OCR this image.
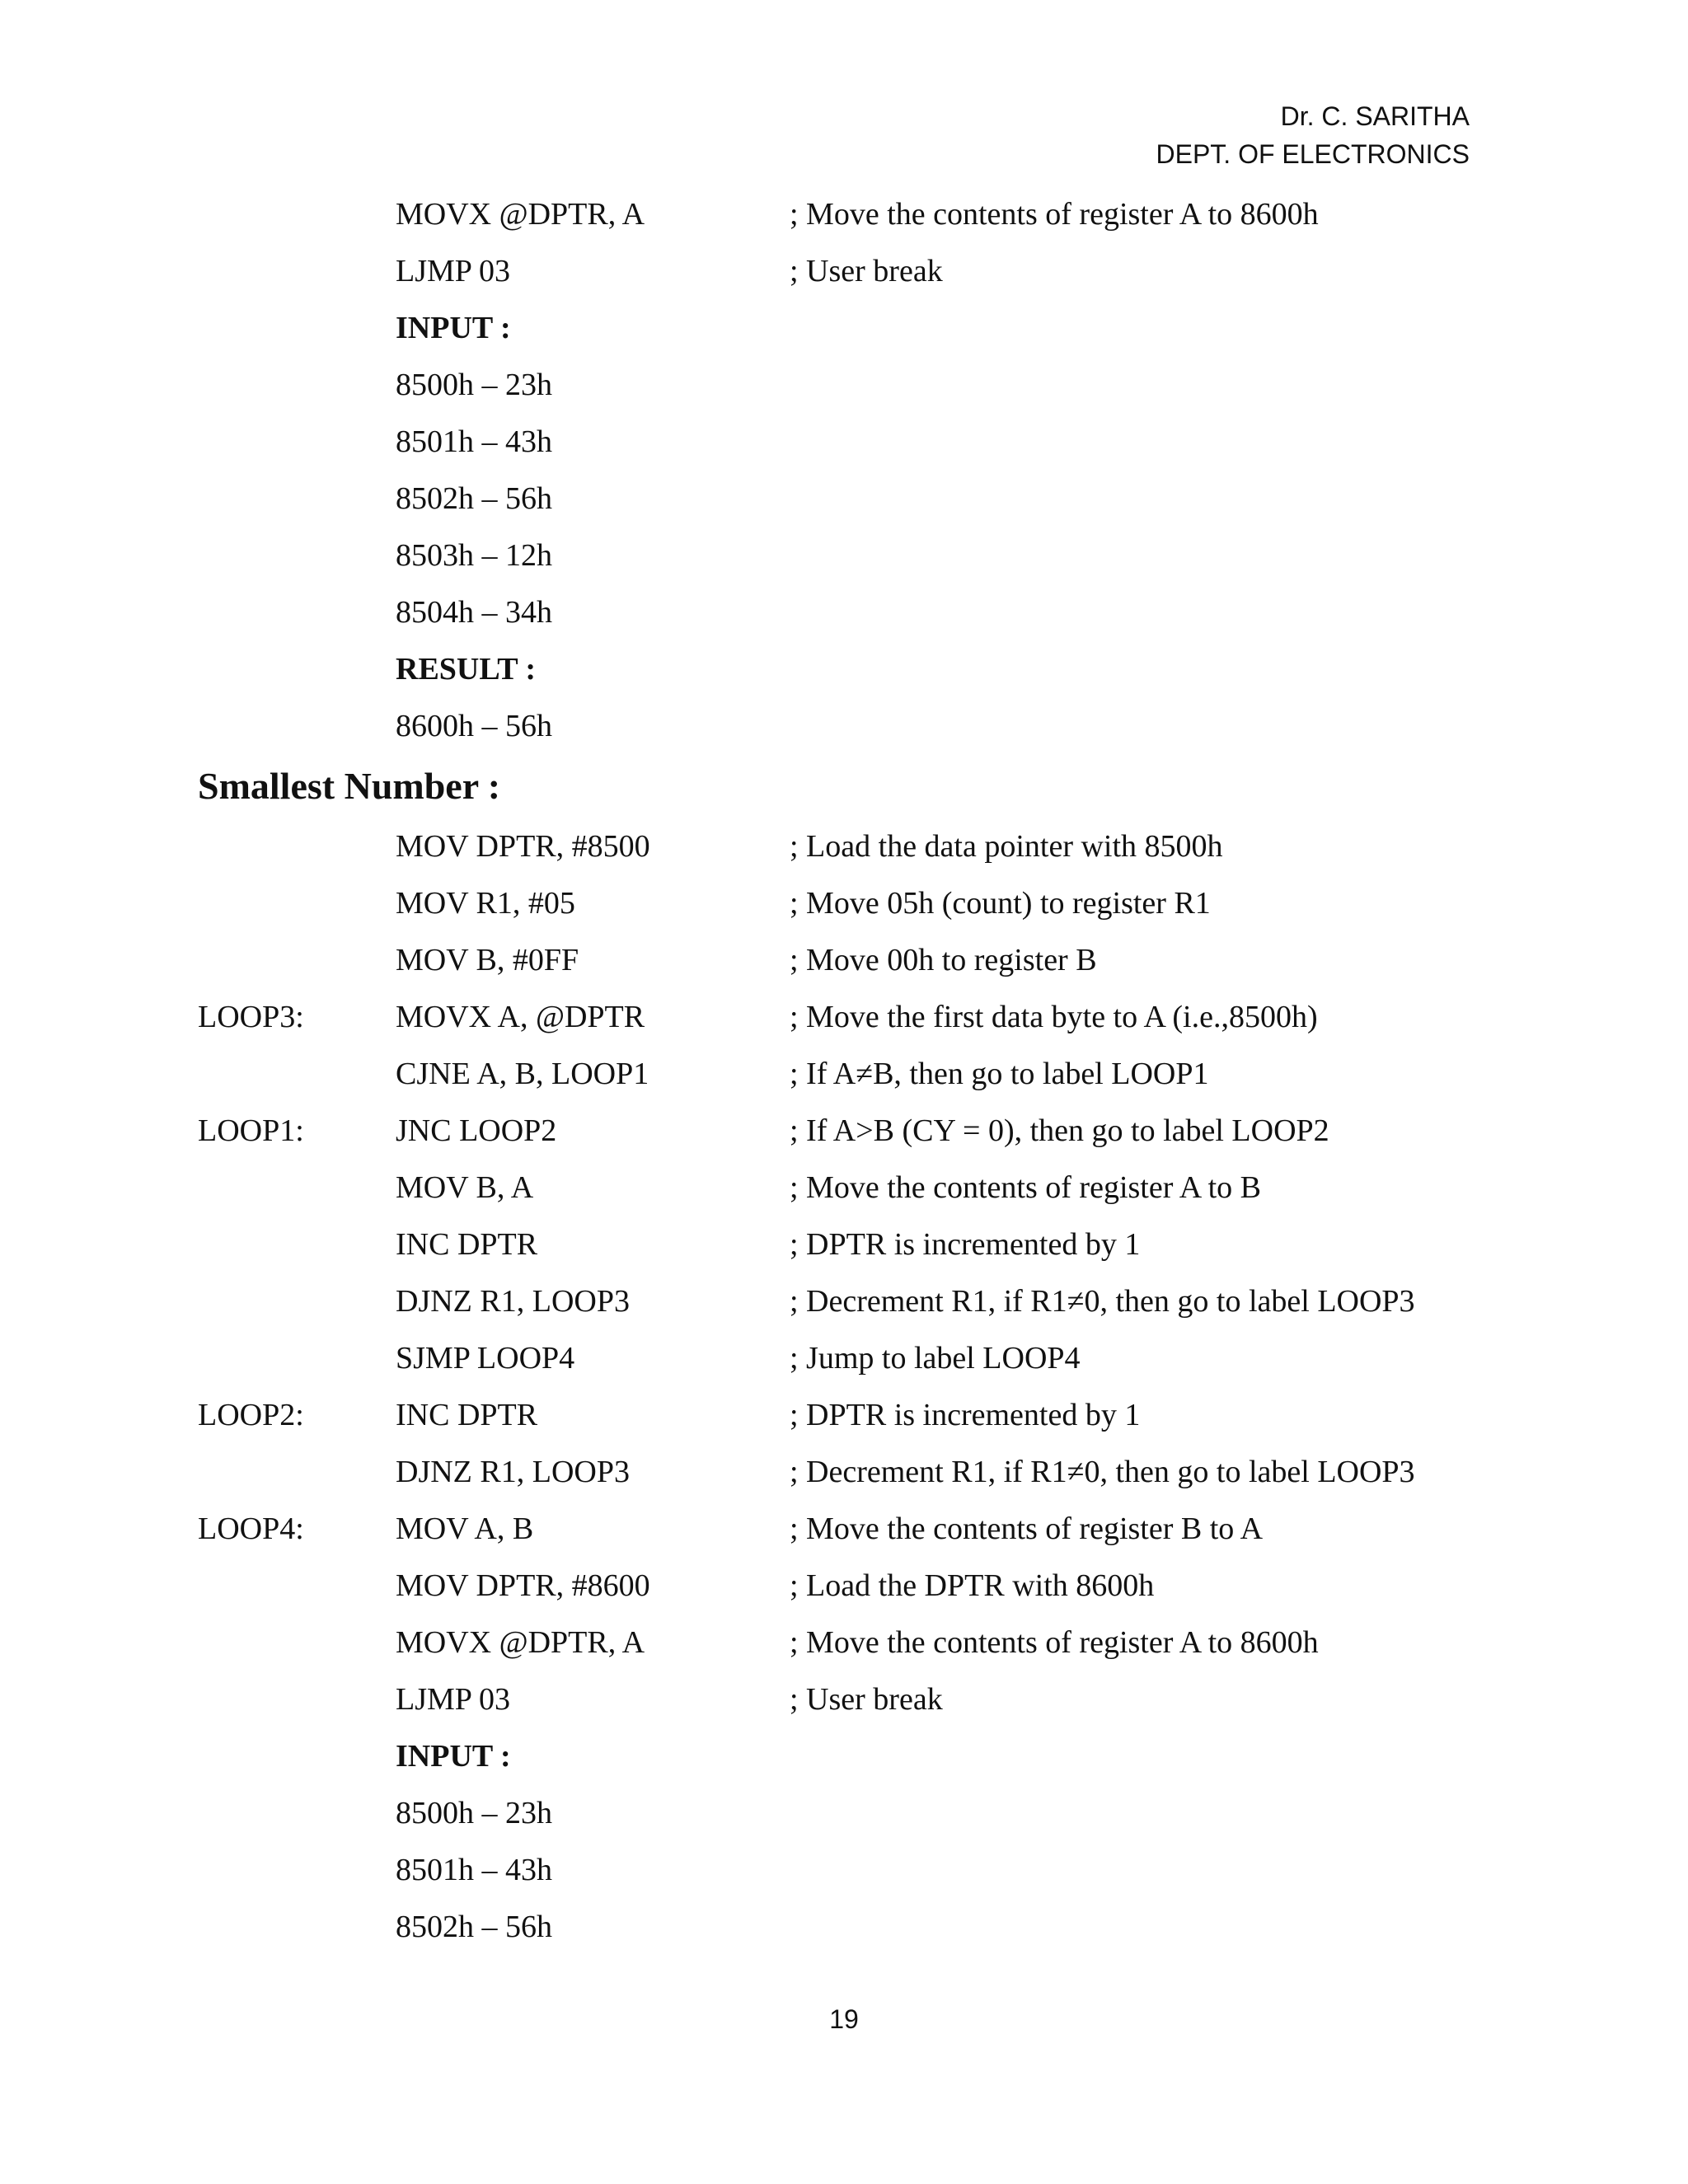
Dr. C. SARITHA
DEPT. OF ELECTRONICS
MOVX @DPTR, A	; Move the contents of register A to 8600h
LJMP 03	; User break
INPUT :
8500h – 23h
8501h – 43h
8502h – 56h
8503h – 12h
8504h – 34h
RESULT :
8600h – 56h
Smallest Number :
MOV DPTR, #8500	; Load the data pointer with 8500h
MOV R1, #05	; Move 05h (count) to register R1
MOV B, #0FF	; Move 00h to register B
LOOP3:	MOVX A, @DPTR	; Move the first data byte to A (i.e.,8500h)
CJNE A, B, LOOP1	; If A≠B, then go to label LOOP1
LOOP1:	JNC LOOP2	; If A>B (CY = 0), then go to label LOOP2
MOV B, A	; Move the contents of register A to B
INC DPTR	; DPTR is incremented by 1
DJNZ R1, LOOP3	; Decrement R1, if R1≠0, then go to label LOOP3
SJMP LOOP4	; Jump to label LOOP4
LOOP2:	INC DPTR	; DPTR is incremented by 1
DJNZ R1, LOOP3	; Decrement R1, if R1≠0, then go to label LOOP3
LOOP4:	MOV A, B	; Move the contents of register B to A
MOV DPTR, #8600	; Load the DPTR with 8600h
MOVX @DPTR, A	; Move the contents of register A to 8600h
LJMP 03	; User break
INPUT :
8500h – 23h
8501h – 43h
8502h – 56h
19
